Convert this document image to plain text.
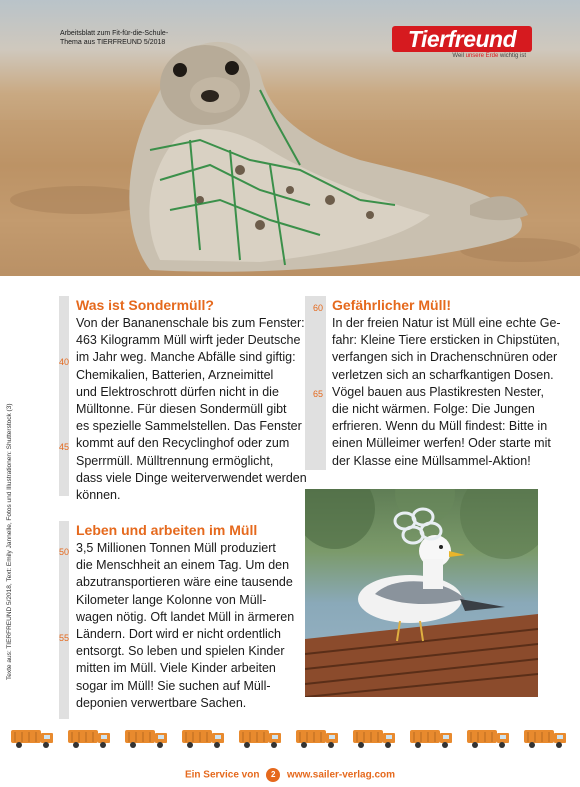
Arbeitsblatt zum Fit-für-die-Schule-
Thema aus TIERFREUND 5/2018	Tierfreund
Weil unsere Erde wichtig ist
Texte aus: TIERFREUND 5/2018, Text: Emily Jannelle, Fotos und Illustrationen: Shutterstock (3)
Was ist Sondermüll?
Von der Bananenschale bis zum Fenster:
463 Kilogramm Müll wirft jeder Deutsche
im Jahr weg. Manche Abfälle sind giftig:
Chemikalien, Batterien, Arzneimittel
und Elektroschrott dürfen nicht in die
Mülltonne. Für diesen Sondermüll gibt
es spezielle Sammelstellen. Das Fenster
kommt auf den Recyclinghof oder zum
Sperrmüll. Mülltrennung ermöglicht,
dass viele Dinge weiterverwendet werden
können.
40
45
Leben und arbeiten im Müll
3,5 Millionen Tonnen Müll produziert
die Menschheit an einem Tag. Um den
abzutransportieren wäre eine tausende
Kilometer lange Kolonne von Müll-
wagen nötig. Oft landet Müll in ärmeren
Ländern. Dort wird er nicht ordentlich
entsorgt. So leben und spielen Kinder
mitten im Müll. Viele Kinder arbeiten
sogar im Müll! Sie suchen auf Müll-
deponien verwertbare Sachen.
50
55
Gefährlicher Müll!
In der freien Natur ist Müll eine echte Ge-
fahr: Kleine Tiere ersticken in Chipstüten,
verfangen sich in Drachenschnüren oder
verletzen sich an scharfkantigen Dosen.
Vögel bauen aus Plastikresten Nester,
die nicht wärmen. Folge: Die Jungen
erfrieren. Wenn du Müll findest: Bitte in
einen Mülleimer werfen! Oder starte mit
der Klasse eine Müllsammel-Aktion!
60
65
Ein Service von 2 www.sailer-verlag.com
